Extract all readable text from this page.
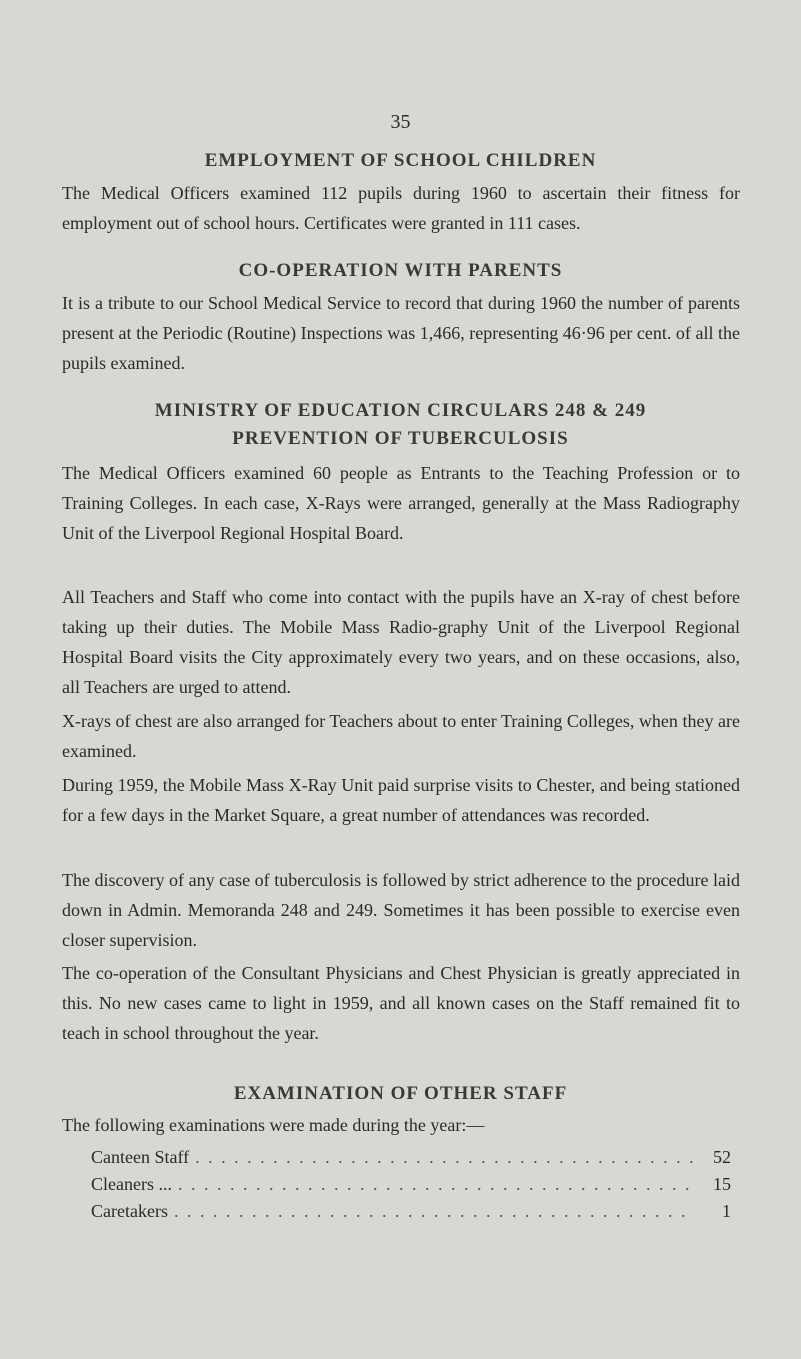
35
EMPLOYMENT OF SCHOOL CHILDREN
The Medical Officers examined 112 pupils during 1960 to ascertain their fitness for employment out of school hours. Certificates were granted in 111 cases.
CO-OPERATION WITH PARENTS
It is a tribute to our School Medical Service to record that during 1960 the number of parents present at the Periodic (Routine) Inspections was 1,466, representing 46·96 per cent. of all the pupils examined.
MINISTRY OF EDUCATION CIRCULARS 248 & 249
PREVENTION OF TUBERCULOSIS
The Medical Officers examined 60 people as Entrants to the Teaching Profession or to Training Colleges. In each case, X-Rays were arranged, generally at the Mass Radiography Unit of the Liverpool Regional Hospital Board.
All Teachers and Staff who come into contact with the pupils have an X-ray of chest before taking up their duties. The Mobile Mass Radio-graphy Unit of the Liverpool Regional Hospital Board visits the City approximately every two years, and on these occasions, also, all Teachers are urged to attend.
X-rays of chest are also arranged for Teachers about to enter Training Colleges, when they are examined.
During 1959, the Mobile Mass X-Ray Unit paid surprise visits to Chester, and being stationed for a few days in the Market Square, a great number of attendances was recorded.
The discovery of any case of tuberculosis is followed by strict adherence to the procedure laid down in Admin. Memoranda 248 and 249. Sometimes it has been possible to exercise even closer supervision.
The co-operation of the Consultant Physicians and Chest Physician is greatly appreciated in this. No new cases came to light in 1959, and all known cases on the Staff remained fit to teach in school throughout the year.
EXAMINATION OF OTHER STAFF
The following examinations were made during the year:—
Canteen Staff . . .	52
Cleaners ... . . .	15
Caretakers . . .	1
